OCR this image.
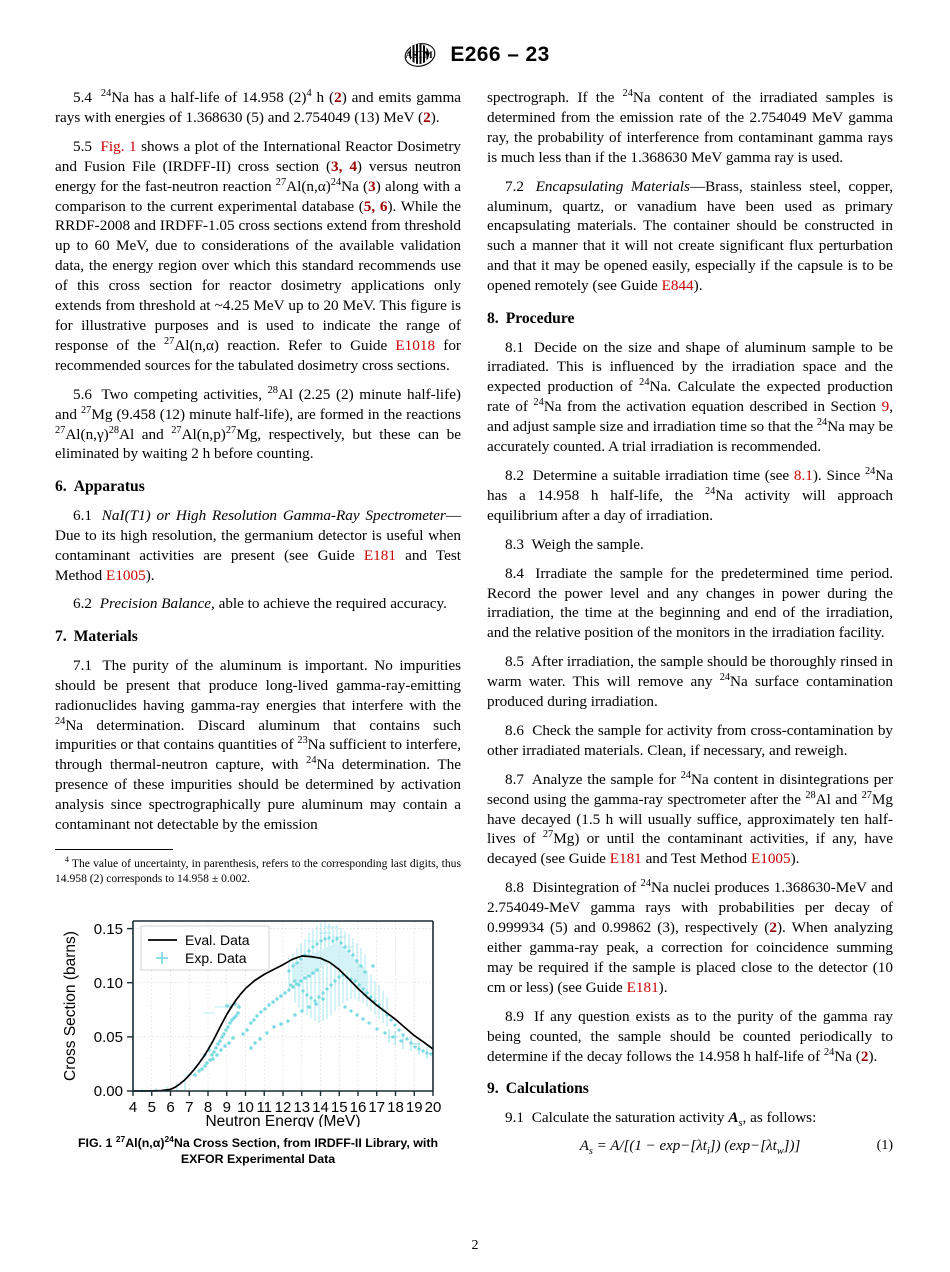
ASTM E266 – 23

5.4 $^{24}$Na has a half-life of 14.958 $(2)^4$ h (2) and emits gamma rays with energies of 1.368630 (5) and 2.754049 (13) MeV (2).

5.5 Fig. 1 shows a plot of the International Reactor Dosimetry and Fusion File (IRDFF-II) cross section (3, 4) versus neutron energy for the fast-neutron reaction $^{27}Al(n,\alpha)^{24}Na$ (3) along with a comparison to the current experimental database (5, 6). While the RRDF-2008 and IRDFF-1.05 cross sections extend from threshold up to 60 MeV, due to considerations of the available validation data, the energy region over which this standard recommends use of this cross section for reactor dosimetry applications only extends from threshold at ~4.25 MeV up to 20 MeV. This figure is for illustrative purposes and is used to indicate the range of response of the $^{27}$Al(n,α) reaction. Refer to Guide E1018 for recommended sources for the tabulated dosimetry cross sections.

5.6 Two competing activities, $^{28}$Al (2.25 (2) minute half-life) and $^{27}$Mg (9.458 (12) minute half-life), are formed in the reactions $^{27}Al(n,\gamma)^{28}Al$ and $^{27}Al(n,p)^{27}Mg$, respectively, but these can be eliminated by waiting 2 h before counting.

6. Apparatus

6.1 NaI(T1) or High Resolution Gamma-Ray Spectrometer—Due to its high resolution, the germanium detector is useful when contaminant activities are present (see Guide E181 and Test Method E1005).

6.2 Precision Balance, able to achieve the required accuracy.

7. Materials

7.1 The purity of the aluminum is important. No impurities should be present that produce long-lived gamma-ray-emitting radionuclides having gamma-ray energies that interfere with the $^{24}$Na determination. Discard aluminum that contains such impurities or that contains quantities of $^{23}$Na sufficient to interfere, through thermal-neutron capture, with $^{24}$Na determination. The presence of these impurities should be determined by activation analysis since spectrographically pure aluminum may contain a contaminant not detectable by the emission

$^4$ The value of uncertainty, in parenthesis, refers to the corresponding last digits, thus 14.958 (2) corresponds to 14.958 ± 0.002.

0.00
0.05
0.10
0.15
4 5 6 7 8 9 10 11 12 13 14 15 16 17 18 19 20
Cross Section (barns)
Neutron Energy (MeV)
Eval. Data
Exp. Data
FIG. 1 $^{27}Al(n,\alpha)^{24}Na$ Cross Section, from IRDFF-II Library, with
EXFOR Experimental Data

spectrograph. If the $^{24}$Na content of the irradiated samples is determined from the emission rate of the 2.754049 MeV gamma ray, the probability of interference from contaminant gamma rays is much less than if the 1.368630 MeV gamma ray is used.

7.2 Encapsulating Materials—Brass, stainless steel, copper, aluminum, quartz, or vanadium have been used as primary encapsulating materials. The container should be constructed in such a manner that it will not create significant flux perturbation and that it may be opened easily, especially if the capsule is to be opened remotely (see Guide E844).

8. Procedure

8.1 Decide on the size and shape of aluminum sample to be irradiated. This is influenced by the irradiation space and the expected production of $^{24}$Na. Calculate the expected production rate of $^{24}$Na from the activation equation described in Section 9, and adjust sample size and irradiation time so that the $^{24}$Na may be accurately counted. A trial irradiation is recommended.

8.2 Determine a suitable irradiation time (see 8.1). Since $^{24}$Na has a 14.958 h half-life, the $^{24}$Na activity will approach equilibrium after a day of irradiation.

8.3 Weigh the sample.

8.4 Irradiate the sample for the predetermined time period. Record the power level and any changes in power during the irradiation, the time at the beginning and end of the irradiation, and the relative position of the monitors in the irradiation facility.

8.5 After irradiation, the sample should be thoroughly rinsed in warm water. This will remove any $^{24}$Na surface contamination produced during irradiation.

8.6 Check the sample for activity from cross-contamination by other irradiated materials. Clean, if necessary, and reweigh.

8.7 Analyze the sample for $^{24}$Na content in disintegrations per second using the gamma-ray spectrometer after the $^{28}$Al and $^{27}$Mg have decayed (1.5 h will usually suffice, approximately ten half-lives of $^{27}$Mg) or until the contaminant activities, if any, have decayed (see Guide E181 and Test Method E1005).

8.8 Disintegration of $^{24}$Na nuclei produces 1.368630-MeV and 2.754049-MeV gamma rays with probabilities per decay of 0.999934 (5) and 0.99862 (3), respectively (2). When analyzing either gamma-ray peak, a correction for coincidence summing may be required if the sample is placed close to the detector (10 cm or less) (see Guide E181).

8.9 If any question exists as to the purity of the gamma ray being counted, the sample should be counted periodically to determine if the decay follows the 14.958 h half-life of $^{24}$Na (2).

9. Calculations

9.1 Calculate the saturation activity $A_s$, as follows:

$A_s = A/[(1 - \exp-[\lambda t_i])$ $(\exp-[\lambda t_w])$]	(1)
2
